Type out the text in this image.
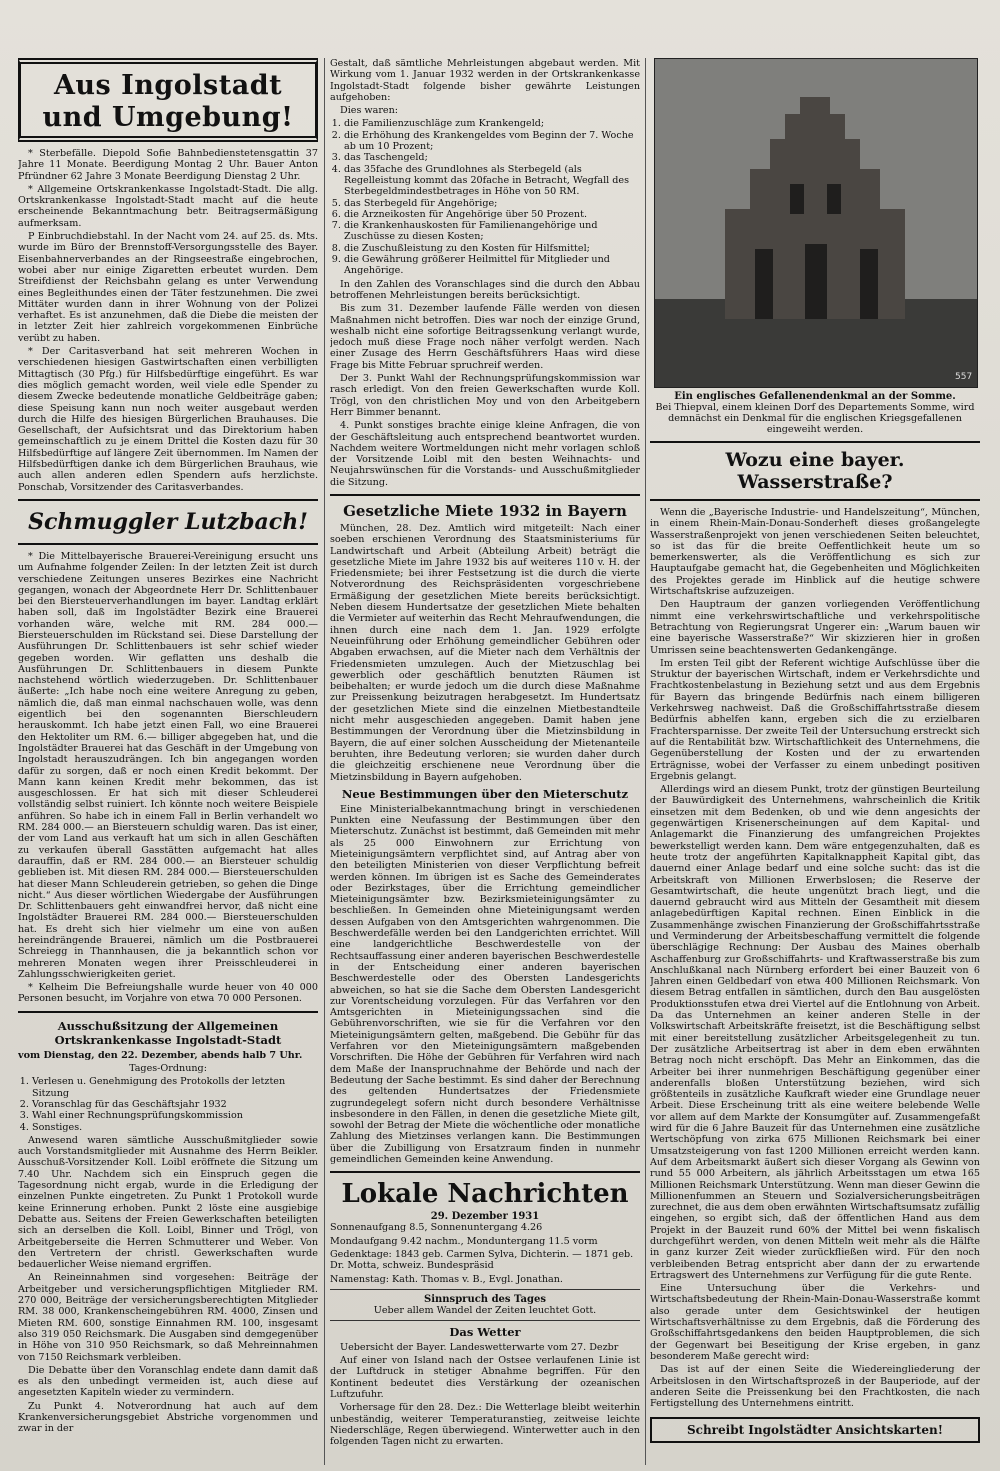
Aus Ingolstadt und Umgebung!

* Sterbefälle. Diepold Sofie Bahnbedienstetensgattin 37 Jahre 11 Monate. Beerdigung Montag 2 Uhr. Bauer Anton Pfründner 62 Jahre 3 Monate Beerdigung Dienstag 2 Uhr.

* Allgemeine Ortskrankenkasse Ingolstadt-Stadt. Die allg. Ortskrankenkasse Ingolstadt-Stadt macht auf die heute erscheinende Bekanntmachung betr. Beitragsermäßigung aufmerksam.

P Einbruchdiebstahl. In der Nacht vom 24. auf 25. ds. Mts. wurde im Büro der Brennstoff-Versorgungsstelle des Bayer. Eisenbahnerverbandes an der Ringseestraße eingebrochen, wobei aber nur einige Zigaretten erbeutet wurden. Dem Streifdienst der Reichsbahn gelang es unter Verwendung eines Begleithundes einen der Täter festzunehmen. Die zwei Mittäter wurden dann in ihrer Wohnung von der Polizei verhaftet. Es ist anzunehmen, daß die Diebe die meisten der in letzter Zeit hier zahlreich vorgekommenen Einbrüche verübt zu haben.

* Der Caritasverband hat seit mehreren Wochen in verschiedenen hiesigen Gastwirtschaften einen verbilligten Mittagtisch (30 Pfg.) für Hilfsbedürftige eingeführt. Es war dies möglich gemacht worden, weil viele edle Spender zu diesem Zwecke bedeutende monatliche Geldbeiträge gaben; diese Speisung kann nun noch weiter ausgebaut werden durch die Hilfe des hiesigen Bürgerlichen Brauhauses. Die Gesellschaft, der Aufsichtsrat und das Direktorium haben gemeinschaftlich zu je einem Drittel die Kosten dazu für 30 Hilfsbedürftige auf längere Zeit übernommen. Im Namen der Hilfsbedürftigen danke ich dem Bürgerlichen Brauhaus, wie auch allen anderen edlen Spendern aufs herzlichste. Ponschab, Vorsitzender des Caritasverbandes.

Schmuggler Lutzbach!

* Die Mittelbayerische Brauerei-Vereinigung ersucht uns um Aufnahme folgender Zeilen: In der letzten Zeit ist durch verschiedene Zeitungen unseres Bezirkes eine Nachricht gegangen, wonach der Abgeordnete Herr Dr. Schlittenbauer bei den Biersteuerverhandlungen im bayer. Landtag erklärt haben soll, daß im Ingolstädter Bezirk eine Brauerei vorhanden wäre, welche mit RM. 284 000.— Biersteuerschulden im Rückstand sei. Diese Darstellung der Ausführungen Dr. Schlittenbauers ist sehr schief wieder gegeben worden. Wir geflatten uns deshalb die Ausführungen Dr. Schlittenbauers in diesem Punkte nachstehend wörtlich wiederzugeben. Dr. Schlittenbauer äußerte: „Ich habe noch eine weitere Anregung zu geben, nämlich die, daß man einmal nachschauen wolle, was denn eigentlich bei den sogenannten Bierschleudern herauskommt. Ich habe jetzt einen Fall, wo eine Brauerei den Hektoliter um RM. 6.— billiger abgegeben hat, und die Ingolstädter Brauerei hat das Geschäft in der Umgebung von Ingolstadt herauszudrängen. Ich bin angegangen worden dafür zu sorgen, daß er noch einen Kredit bekommt. Der Mann kann keinen Kredit mehr bekommen, das ist ausgeschlossen. Er hat sich mit dieser Schleuderei vollständig selbst ruiniert. Ich könnte noch weitere Beispiele anführen. So habe ich in einem Fall in Berlin verhandelt wo RM. 284 000.— an Biersteuern schuldig waren. Das ist einer, der vom Land aus verkauft hat um sich in allen Geschäften zu verkaufen überall Gasstätten aufgemacht hat alles darauffin, daß er RM. 284 000.— an Biersteuer schuldig geblieben ist. Mit diesen RM. 284 000.— Biersteuerschulden hat dieser Mann Schleuderein getrieben, so gehen die Dinge nicht.“ Aus dieser wörtlichen Wiedergabe der Ausführungen Dr. Schlittenbauers geht einwandfrei hervor, daß nicht eine Ingolstädter Brauerei RM. 284 000.— Biersteuerschulden hat. Es dreht sich hier vielmehr um eine von außen hereindrängende Brauerei, nämlich um die Postbrauerei Schreiegg in Thannhausen, die ja bekanntlich schon vor mehreren Monaten wegen ihrer Preisschleuderei in Zahlungsschwierigkeiten geriet.

* Kelheim Die Befreiungshalle wurde heuer von 40 000 Personen besucht, im Vorjahre von etwa 70 000 Personen.

Ausschußsitzung der Allgemeinen Ortskrankenkasse Ingolstadt-Stadt

vom Dienstag, den 22. Dezember, abends halb 7 Uhr.

Tages-Ordnung:

1. Verlesen u. Genehmigung des Protokolls der letzten Sitzung
2. Voranschlag für das Geschäftsjahr 1932
3. Wahl einer Rechnungsprüfungskommission
4. Sonstiges.

Anwesend waren sämtliche Ausschußmitglieder sowie auch Vorstandsmitglieder mit Ausnahme des Herrn Beikler. Ausschuß-Vorsitzender Koll. Loibl eröffnete die Sitzung um 7.40 Uhr. Nachdem sich ein Einspruch gegen die Tagesordnung nicht ergab, wurde in die Erledigung der einzelnen Punkte eingetreten. Zu Punkt 1 Protokoll wurde keine Erinnerung erhoben. Punkt 2 löste eine ausgiebige Debatte aus. Seitens der Freien Gewerkschaften beteiligten sich an derselben die Koll. Loibl, Binner und Trögl, von Arbeitgeberseite die Herren Schmutterer und Weber. Von den Vertretern der christl. Gewerkschaften wurde bedauerlicher Weise niemand ergriffen.

An Reineinnahmen sind vorgesehen: Beiträge der Arbeitgeber und versicherungspflichtigen Mitglieder RM. 270 000, Beiträge der versicherungsberechtigten Mitglieder RM. 38 000, Krankenscheingebühren RM. 4000, Zinsen und Mieten RM. 600, sonstige Einnahmen RM. 100, insgesamt also 319 050 Reichsmark. Die Ausgaben sind demgegenüber in Höhe von 310 950 Reichsmark, so daß Mehreinnahmen von 7150 Reichsmark verbleiben.

Die Debatte über den Voranschlag endete dann damit daß es als den unbedingt vermeiden ist, auch diese auf angesetzten Kapiteln wieder zu vermindern.

Zu Punkt 4. Notverordnung hat auch auf dem Krankenversicherungsgebiet Abstriche vorgenommen und zwar in der

Gestalt, daß sämtliche Mehrleistungen abgebaut werden. Mit Wirkung vom 1. Januar 1932 werden in der Ortskrankenkasse Ingolstadt-Stadt folgende bisher gewährte Leistungen aufgehoben:

Dies waren:

1. die Familienzuschläge zum Krankengeld;
2. die Erhöhung des Krankengeldes vom Beginn der 7. Woche ab um 10 Prozent;
3. das Taschengeld;
4. das 35fache des Grundlohnes als Sterbegeld (als Regelleistung kommt das 20fache in Betracht, Wegfall des Sterbegeldmindestbetrages in Höhe von 50 RM.
5. das Sterbegeld für Angehörige;
6. die Arzneikosten für Angehörige über 50 Prozent.
7. die Krankenhauskosten für Familienangehörige und Zuschüsse zu diesen Kosten;
8. die Zuschußleistung zu den Kosten für Hilfsmittel;
9. die Gewährung größerer Heilmittel für Mitglieder und Angehörige.

In den Zahlen des Voranschlages sind die durch den Abbau betroffenen Mehrleistungen bereits berücksichtigt.

Bis zum 31. Dezember laufende Fälle werden von diesen Maßnahmen nicht betroffen. Dies war noch der einzige Grund, weshalb nicht eine sofortige Beitragssenkung verlangt wurde, jedoch muß diese Frage noch näher verfolgt werden. Nach einer Zusage des Herrn Geschäftsführers Haas wird diese Frage bis Mitte Februar spruchreif werden.

Der 3. Punkt Wahl der Rechnungsprüfungskommission war rasch erledigt. Von den freien Gewerkschaften wurde Koll. Trögl, von den christlichen Moy und von den Arbeitgebern Herr Bimmer benannt.

4. Punkt sonstiges brachte einige kleine Anfragen, die von der Geschäftsleitung auch entsprechend beantwortet wurden. Nachdem weitere Wortmeldungen nicht mehr vorlagen schloß der Vorsitzende Loibl mit den besten Weihnachts- und Neujahrswünschen für die Vorstands- und Ausschußmitglieder die Sitzung.

Gesetzliche Miete 1932 in Bayern

München, 28. Dez. Amtlich wird mitgeteilt: Nach einer soeben erschienen Verordnung des Staatsministeriums für Landwirtschaft und Arbeit (Abteilung Arbeit) beträgt die gesetzliche Miete im Jahre 1932 bis auf weiteres 110 v. H. der Friedensmiete; bei ihrer Festsetzung ist die durch die vierte Notverordnung des Reichspräsidenten vorgeschriebene Ermäßigung der gesetzlichen Miete bereits berücksichtigt. Neben diesem Hundertsatze der gesetzlichen Miete behalten die Vermieter auf weiterhin das Recht Mehraufwendungen, die ihnen durch eine nach dem 1. Jan. 1929 erfolgte Neueinführung oder Erhöhung gemeindlicher Gebühren oder Abgaben erwachsen, auf die Mieter nach dem Verhältnis der Friedensmieten umzulegen. Auch der Mietzuschlag bei gewerblich oder geschäftlich benutzten Räumen ist beibehalten; er wurde jedoch um die durch diese Maßnahme zur Preissenkung beizutragen herabgesetzt. Im Hundertsatz der gesetzlichen Miete sind die einzelnen Mietbestandteile nicht mehr ausgeschieden angegeben. Damit haben jene Bestimmungen der Verordnung über die Mietzinsbildung in Bayern, die auf einer solchen Ausscheidung der Mietenanteile beruhten, ihre Bedeutung verloren; sie wurden daher durch die gleichzeitig erschienene neue Verordnung über die Mietzinsbildung in Bayern aufgehoben.

Neue Bestimmungen über den Mieterschutz

Eine Ministerialbekanntmachung bringt in verschiedenen Punkten eine Neufassung der Bestimmungen über den Mieterschutz. Zunächst ist bestimmt, daß Gemeinden mit mehr als 25 000 Einwohnern zur Errichtung von Mieteinigungsämtern verpflichtet sind, auf Antrag aber von den beteiligten Ministerien von dieser Verpflichtung befreit werden können. Im übrigen ist es Sache des Gemeinderates oder Bezirkstages, über die Errichtung gemeindlicher Mieteinigungsämter bzw. Bezirksmieteinigungsämter zu beschließen. In Gemeinden ohne Mieteinigungsamt werden dessen Aufgaben von den Amtsgerichten wahrgenommen. Die Beschwerdefälle werden bei den Landgerichten errichtet. Will eine landgerichtliche Beschwerdestelle von der Rechtsauffassung einer anderen bayerischen Beschwerdestelle in der Entscheidung einer anderen bayerischen Beschwerdestelle oder des Obersten Landesgerichts abweichen, so hat sie die Sache dem Obersten Landesgericht zur Vorentscheidung vorzulegen. Für das Verfahren vor den Amtsgerichten in Mieteinigungssachen sind die Gebührenvorschriften, wie sie für die Verfahren vor den Mieteinigungsämtern gelten, maßgebend. Die Gebühr für das Verfahren vor den Mieteinigungsämtern maßgebenden Vorschriften. Die Höhe der Gebühren für Verfahren wird nach dem Maße der Inanspruchnahme der Behörde und nach der Bedeutung der Sache bestimmt. Es sind daher der Berechnung des geltenden Hundertsatzes der Friedensmiete zugrundegelegt sofern nicht durch besondere Verhältnisse insbesondere in den Fällen, in denen die gesetzliche Miete gilt, sowohl der Betrag der Miete die wöchentliche oder monatliche Zahlung des Mietzinses verlangen kann. Die Bestimmungen über die Zubilligung von Ersatzraum finden in nunmehr gemeindlichen Gemeinden keine Anwendung.

Lokale Nachrichten
29. Dezember 1931

Sonnenaufgang 8.5, Sonnenuntergang 4.26

Mondaufgang 9.42 nachm., Monduntergang 11.5 vorm

Gedenktage: 1843 geb. Carmen Sylva, Dichterin. — 1871 geb. Dr. Motta, schweiz. Bundespräsid

Namenstag: Kath. Thomas v. B., Evgl. Jonathan.

Sinnspruch des Tages
Ueber allem Wandel der Zeiten leuchtet Gott.
Das Wetter

Uebersicht der Bayer. Landeswetterwarte vom 27. Dezbr

Auf einer von Island nach der Ostsee verlaufenen Linie ist der Luftdruck in stetiger Abnahme begriffen. Für den Kontinent bedeutet dies Verstärkung der ozeanischen Luftzufuhr.

Vorhersage für den 28. Dez.: Die Wetterlage bleibt weiterhin unbeständig, weiterer Temperaturanstieg, zeitweise leichte Niederschläge, Regen überwiegend. Winterwetter auch in den folgenden Tagen nicht zu erwarten.

557
Ein englisches Gefallenendenkmal an der Somme.
Bei Thiepval, einem kleinen Dorf des Departements Somme, wird demnächst ein Denkmal für die englischen Kriegsgefallenen eingeweiht werden.
Wozu eine bayer. Wasserstraße?

Wenn die „Bayerische Industrie- und Handelszeitung“, München, in einem Rhein-Main-Donau-Sonderheft dieses großangelegte Wasserstraßenprojekt von jenen verschiedenen Seiten beleuchtet, so ist das für die breite Oeffentlichkeit heute um so bemerkenswerter, als die Veröffentlichung es sich zur Hauptaufgabe gemacht hat, die Gegebenheiten und Möglichkeiten des Projektes gerade im Hinblick auf die heutige schwere Wirtschaftskrise aufzuzeigen.

Den Hauptraum der ganzen vorliegenden Veröffentlichung nimmt eine verkehrswirtschaftliche und verkehrspolitische Betrachtung von Regierungsrat Ungerer ein: „Warum bauen wir eine bayerische Wasserstraße?“ Wir skizzieren hier in großen Umrissen seine beachtenswerten Gedankengänge.

Im ersten Teil gibt der Referent wichtige Aufschlüsse über die Struktur der bayerischen Wirtschaft, indem er Verkehrsdichte und Frachtkostenbelastung in Beziehung setzt und aus dem Ergebnis für Bayern das bringende Bedürfnis nach einem billigeren Verkehrsweg nachweist. Daß die Großschiffahrtsstraße diesem Bedürfnis abhelfen kann, ergeben sich die zu erzielbaren Frachtersparnisse. Der zweite Teil der Untersuchung erstreckt sich auf die Rentabilität bzw. Wirtschaftlichkeit des Unternehmens, die Gegenüberstellung der Kosten und der zu erwartenden Erträgnisse, wobei der Verfasser zu einem unbedingt positiven Ergebnis gelangt.

Allerdings wird an diesem Punkt, trotz der günstigen Beurteilung der Bauwürdigkeit des Unternehmens, wahrscheinlich die Kritik einsetzen mit dem Bedenken, ob und wie denn angesichts der gegenwärtigen Krisenerscheinungen auf dem Kapital- und Anlagemarkt die Finanzierung des umfangreichen Projektes bewerkstelligt werden kann. Dem wäre entgegenzuhalten, daß es heute trotz der angeführten Kapitalknappheit Kapital gibt, das dauernd einer Anlage bedarf und eine solche sucht: das ist die Arbeitskraft von Millionen Erwerbslosen; die Reserve der Gesamtwirtschaft, die heute ungenützt brach liegt, und die dauernd gebraucht wird aus Mitteln der Gesamtheit mit diesem anlagebedürftigen Kapital rechnen. Einen Einblick in die Zusammenhänge zwischen Finanzierung der Großschiffahrtsstraße und Verminderung der Arbeitsbeschaffung vermittelt die folgende überschlägige Rechnung: Der Ausbau des Maines oberhalb Aschaffenburg zur Großschiffahrts- und Kraftwasserstraße bis zum Anschlußkanal nach Nürnberg erfordert bei einer Bauzeit von 6 Jahren einen Geldbedarf von etwa 400 Millionen Reichsmark. Von diesem Betrag entfallen in sämtlichen, durch den Bau ausgelösten Produktionsstufen etwa drei Viertel auf die Entlohnung von Arbeit. Da das Unternehmen an keiner anderen Stelle in der Volkswirtschaft Arbeitskräfte freisetzt, ist die Beschäftigung selbst mit einer bereitstellung zusätzlicher Arbeitsgelegenheit zu tun. Der zusätzliche Arbeitsertrag ist aber in dem eben erwähnten Betrag noch nicht erschöpft. Das Mehr an Einkommen, das die Arbeiter bei ihrer nunmehrigen Beschäftigung gegenüber einer anderenfalls bloßen Unterstützung beziehen, wird sich größtenteils in zusätzliche Kaufkraft wieder eine Grundlage neuer Arbeit. Diese Erscheinung tritt als eine weitere belebende Welle vor allem auf dem Markte der Konsumgüter auf. Zusammengefaßt wird für die 6 Jahre Bauzeit für das Unternehmen eine zusätzliche Wertschöpfung von zirka 675 Millionen Reichsmark bei einer Umsatzsteigerung von fast 1200 Millionen erreicht werden kann. Auf dem Arbeitsmarkt äußert sich dieser Vorgang als Gewinn von rund 55 000 Arbeitern, als jährlich Arbeitsstagen um etwa 165 Millionen Reichsmark Unterstützung. Wenn man dieser Gewinn die Millionenfummen an Steuern und Sozialversicherungsbeiträgen zurechnet, die aus dem oben erwähnten Wirtschaftsumsatz zufällig eingehen, so ergibt sich, daß der öffentlichen Hand aus dem Projekt in der Bauzeit rund 60% der Mittel bei wenn fiskalisch durchgeführt werden, von denen Mitteln weit mehr als die Hälfte in ganz kurzer Zeit wieder zurückfließen wird. Für den noch verbleibenden Betrag entspricht aber dann der zu erwartende Ertragswert des Unternehmens zur Verfügung für die gute Rente.

Eine Untersuchung über die Verkehrs- und Wirtschaftsbedeutung der Rhein-Main-Donau-Wasserstraße kommt also gerade unter dem Gesichtswinkel der heutigen Wirtschaftsverhältnisse zu dem Ergebnis, daß die Förderung des Großschiffahrtsgedankens den beiden Hauptproblemen, die sich der Gegenwart bei Beseitigung der Krise ergeben, in ganz besonderem Maße gerecht wird:

Das ist auf der einen Seite die Wiedereingliederung der Arbeitslosen in den Wirtschaftsprozeß in der Bauperiode, auf der anderen Seite die Preissenkung bei den Frachtkosten, die nach Fertigstellung des Unternehmens eintritt.

Schreibt Ingolstädter Ansichtskarten!
